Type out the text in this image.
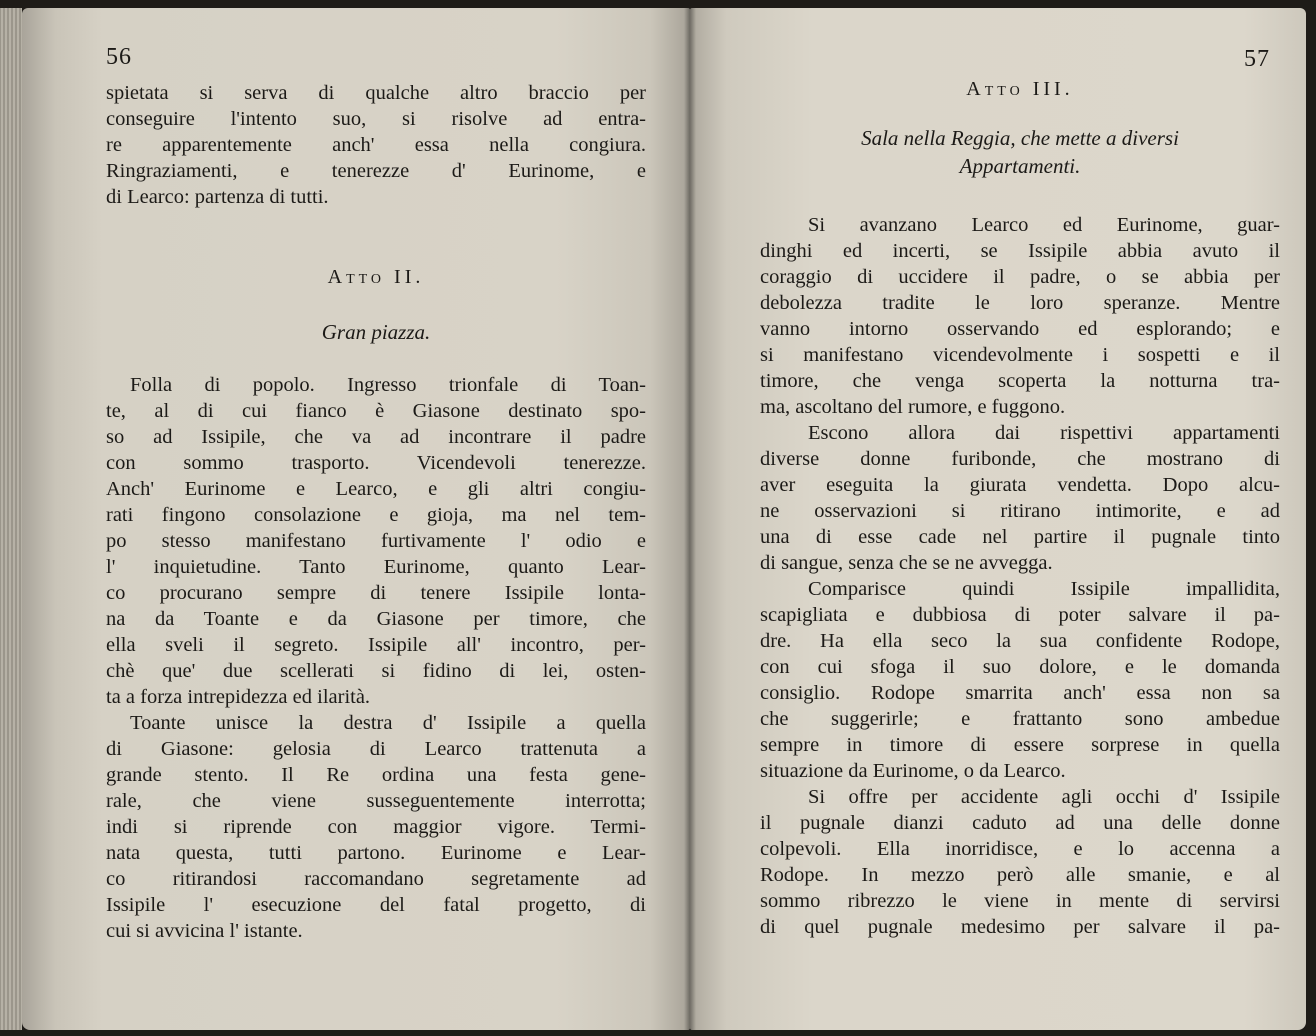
56
spietata si serva di qualche altro braccio per
conseguire l'intento suo, si risolve ad entra-
re apparentemente anch' essa nella congiura.
Ringraziamenti, e tenerezze d' Eurinome, e
di Learco: partenza di tutti.
Atto II.
Gran piazza.
Folla di popolo. Ingresso trionfale di Toan-
te, al di cui fianco è Giasone destinato spo-
so ad Issipile, che va ad incontrare il padre
con sommo trasporto. Vicendevoli tenerezze.
Anch' Eurinome e Learco, e gli altri congiu-
rati fingono consolazione e gioja, ma nel tem-
po stesso manifestano furtivamente l' odio e
l' inquietudine. Tanto Eurinome, quanto Lear-
co procurano sempre di tenere Issipile lonta-
na da Toante e da Giasone per timore, che
ella sveli il segreto. Issipile all' incontro, per-
chè que' due scellerati si fidino di lei, osten-
ta a forza intrepidezza ed ilarità.
Toante unisce la destra d' Issipile a quella
di Giasone: gelosia di Learco trattenuta a
grande stento. Il Re ordina una festa gene-
rale, che viene susseguentemente interrotta;
indi si riprende con maggior vigore. Termi-
nata questa, tutti partono. Eurinome e Lear-
co ritirandosi raccomandano segretamente ad
Issipile l' esecuzione del fatal progetto, di
cui si avvicina l' istante.
57
Atto III.
Sala nella Reggia, che mette a diversi
Appartamenti.
Si avanzano Learco ed Eurinome, guar-
dinghi ed incerti, se Issipile abbia avuto il
coraggio di uccidere il padre, o se abbia per
debolezza tradite le loro speranze. Mentre
vanno intorno osservando ed esplorando; e
si manifestano vicendevolmente i sospetti e il
timore, che venga scoperta la notturna tra-
ma, ascoltano del rumore, e fuggono.
Escono allora dai rispettivi appartamenti
diverse donne furibonde, che mostrano di
aver eseguita la giurata vendetta. Dopo alcu-
ne osservazioni si ritirano intimorite, e ad
una di esse cade nel partire il pugnale tinto
di sangue, senza che se ne avvegga.
Comparisce quindi Issipile impallidita,
scapigliata e dubbiosa di poter salvare il pa-
dre. Ha ella seco la sua confidente Rodope,
con cui sfoga il suo dolore, e le domanda
consiglio. Rodope smarrita anch' essa non sa
che suggerirle; e frattanto sono ambedue
sempre in timore di essere sorprese in quella
situazione da Eurinome, o da Learco.
Si offre per accidente agli occhi d' Issipile
il pugnale dianzi caduto ad una delle donne
colpevoli. Ella inorridisce, e lo accenna a
Rodope. In mezzo però alle smanie, e al
sommo ribrezzo le viene in mente di servirsi
di quel pugnale medesimo per salvare il pa-
